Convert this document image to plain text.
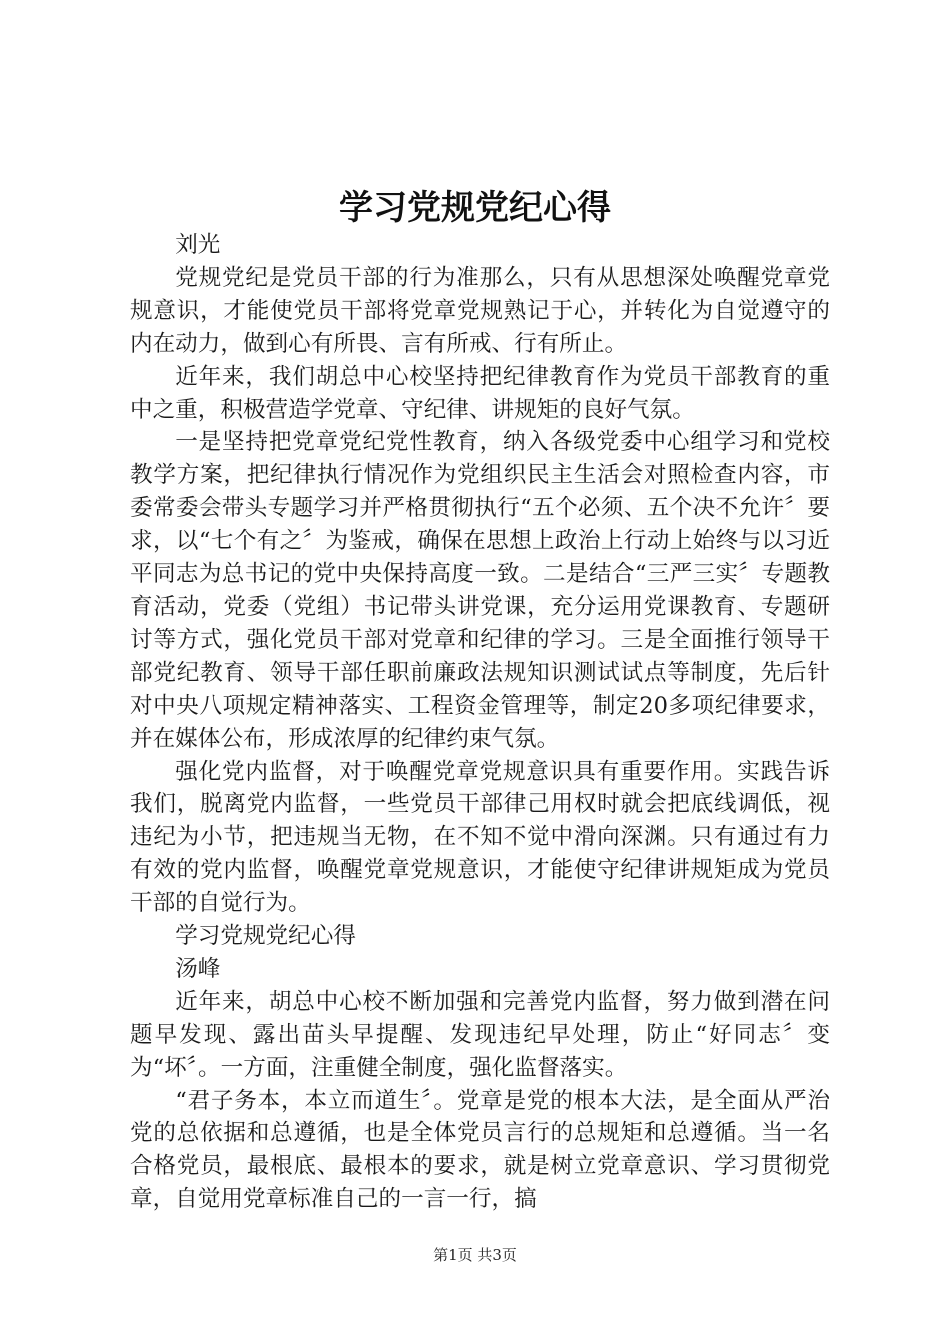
学习党规党纪心得

刘光

党规党纪是党员干部的行为准那么，只有从思想深处唤醒党章党规意识，才能使党员干部将党章党规熟记于心，并转化为自觉遵守的内在动力，做到心有所畏、言有所戒、行有所止。

近年来，我们胡总中心校坚持把纪律教育作为党员干部教育的重中之重，积极营造学党章、守纪律、讲规矩的良好气氛。

一是坚持把党章党纪党性教育，纳入各级党委中心组学习和党校教学方案，把纪律执行情况作为党组织民主生活会对照检查内容，市委常委会带头专题学习并严格贯彻执行“五个必须、五个决不允许〞要求，以“七个有之〞为鉴戒，确保在思想上政治上行动上始终与以习近平同志为总书记的党中央保持高度一致。二是结合“三严三实〞专题教育活动，党委（党组）书记带头讲党课，充分运用党课教育、专题研讨等方式，强化党员干部对党章和纪律的学习。三是全面推行领导干部党纪教育、领导干部任职前廉政法规知识测试试点等制度，先后针对中央八项规定精神落实、工程资金管理等，制定20多项纪律要求，并在媒体公布，形成浓厚的纪律约束气氛。

强化党内监督，对于唤醒党章党规意识具有重要作用。实践告诉我们，脱离党内监督，一些党员干部律己用权时就会把底线调低，视违纪为小节，把违规当无物，在不知不觉中滑向深渊。只有通过有力有效的党内监督，唤醒党章党规意识，才能使守纪律讲规矩成为党员干部的自觉行为。

学习党规党纪心得

汤峰

近年来，胡总中心校不断加强和完善党内监督，努力做到潜在问题早发现、露出苗头早提醒、发现违纪早处理，防止“好同志〞变为“坏〞。一方面，注重健全制度，强化监督落实。

“君子务本，本立而道生〞。党章是党的根本大法，是全面从严治党的总依据和总遵循，也是全体党员言行的总规矩和总遵循。当一名合格党员，最根底、最根本的要求，就是树立党章意识、学习贯彻党章，自觉用党章标准自己的一言一行，搞

第1页 共3页
